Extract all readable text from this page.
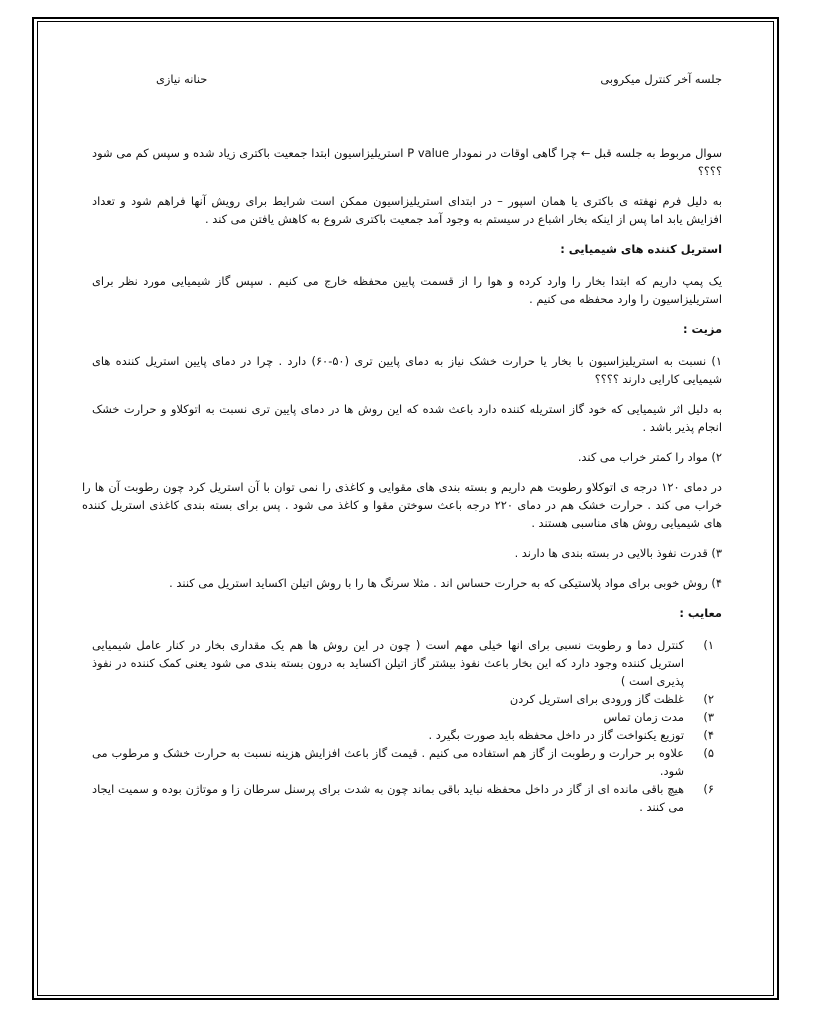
جلسه آخر کنترل میکروبی
حنانه نیازی

سوال مربوط به جلسه قبل ← چرا گاهی اوقات در نمودار P value استریلیزاسیون ابتدا جمعیت باکتری زیاد شده و سپس کم می شود ؟؟؟؟

به دلیل فرم نهفته ی باکتری یا همان اسپور – در ابتدای استریلیزاسیون ممکن است شرایط برای رویش آنها فراهم شود و تعداد افزایش یابد اما پس از اینکه بخار اشباع در سیستم به وجود آمد جمعیت باکتری شروع به کاهش یافتن می کند .

استریل کننده های شیمیایی :

یک پمپ داریم که ابتدا بخار را وارد کرده و هوا را از قسمت پایین محفظه خارج می کنیم . سپس گاز شیمیایی مورد نظر برای استریلیزاسیون را وارد محفظه می کنیم .

مزیت :

۱) نسبت به استریلیزاسیون با بخار یا حرارت خشک نیاز به دمای پایین تری (۵۰-۶۰) دارد . چرا در دمای پایین استریل کننده های شیمیایی کارایی دارند ؟؟؟؟

به دلیل اثر شیمیایی که خود گاز استریله کننده دارد باعث شده که این روش ها در دمای پایین تری نسبت به اتوکلاو و حرارت خشک انجام پذیر باشد .

۲) مواد را کمتر خراب می کند.

در دمای ۱۲۰ درجه ی اتوکلاو رطوبت هم داریم و بسته بندی های مقوایی و کاغذی را نمی توان با آن استریل کرد چون رطوبت آن ها را خراب می کند . حرارت خشک هم در دمای ۲۲۰ درجه باعث سوختن مقوا و کاغذ می شود . پس برای بسته بندی کاغذی استریل کننده های شیمیایی روش های مناسبی هستند .

۳) قدرت نفوذ بالایی در بسته بندی ها دارند .

۴) روش خوبی برای مواد پلاستیکی که به حرارت حساس اند . مثلا سرنگ ها را با روش اتیلن اکساید استریل می کنند .

معایب :

۱)
کنترل دما و رطوبت نسبی برای انها خیلی مهم است ( چون در این روش ها هم یک مقداری بخار در کنار عامل شیمیایی استریل کننده وجود دارد که این بخار باعث نفوذ بیشتر گاز اتیلن اکساید به درون بسته بندی می شود یعنی کمک کننده در نفوذ پذیری است )
۲)
غلظت گاز ورودی برای استریل کردن
۳)
مدت زمان تماس
۴)
توزیع یکنواخت گاز در داخل محفظه باید صورت بگیرد .
۵)
علاوه بر حرارت و رطوبت از گاز هم استفاده می کنیم . قیمت گاز باعث افزایش هزینه نسبت به حرارت خشک و مرطوب می شود.
۶)
هیچ باقی مانده ای از گاز در داخل محفظه نباید باقی بماند چون به شدت برای پرسنل سرطان زا و موتاژن بوده و سمیت ایجاد می کنند .
